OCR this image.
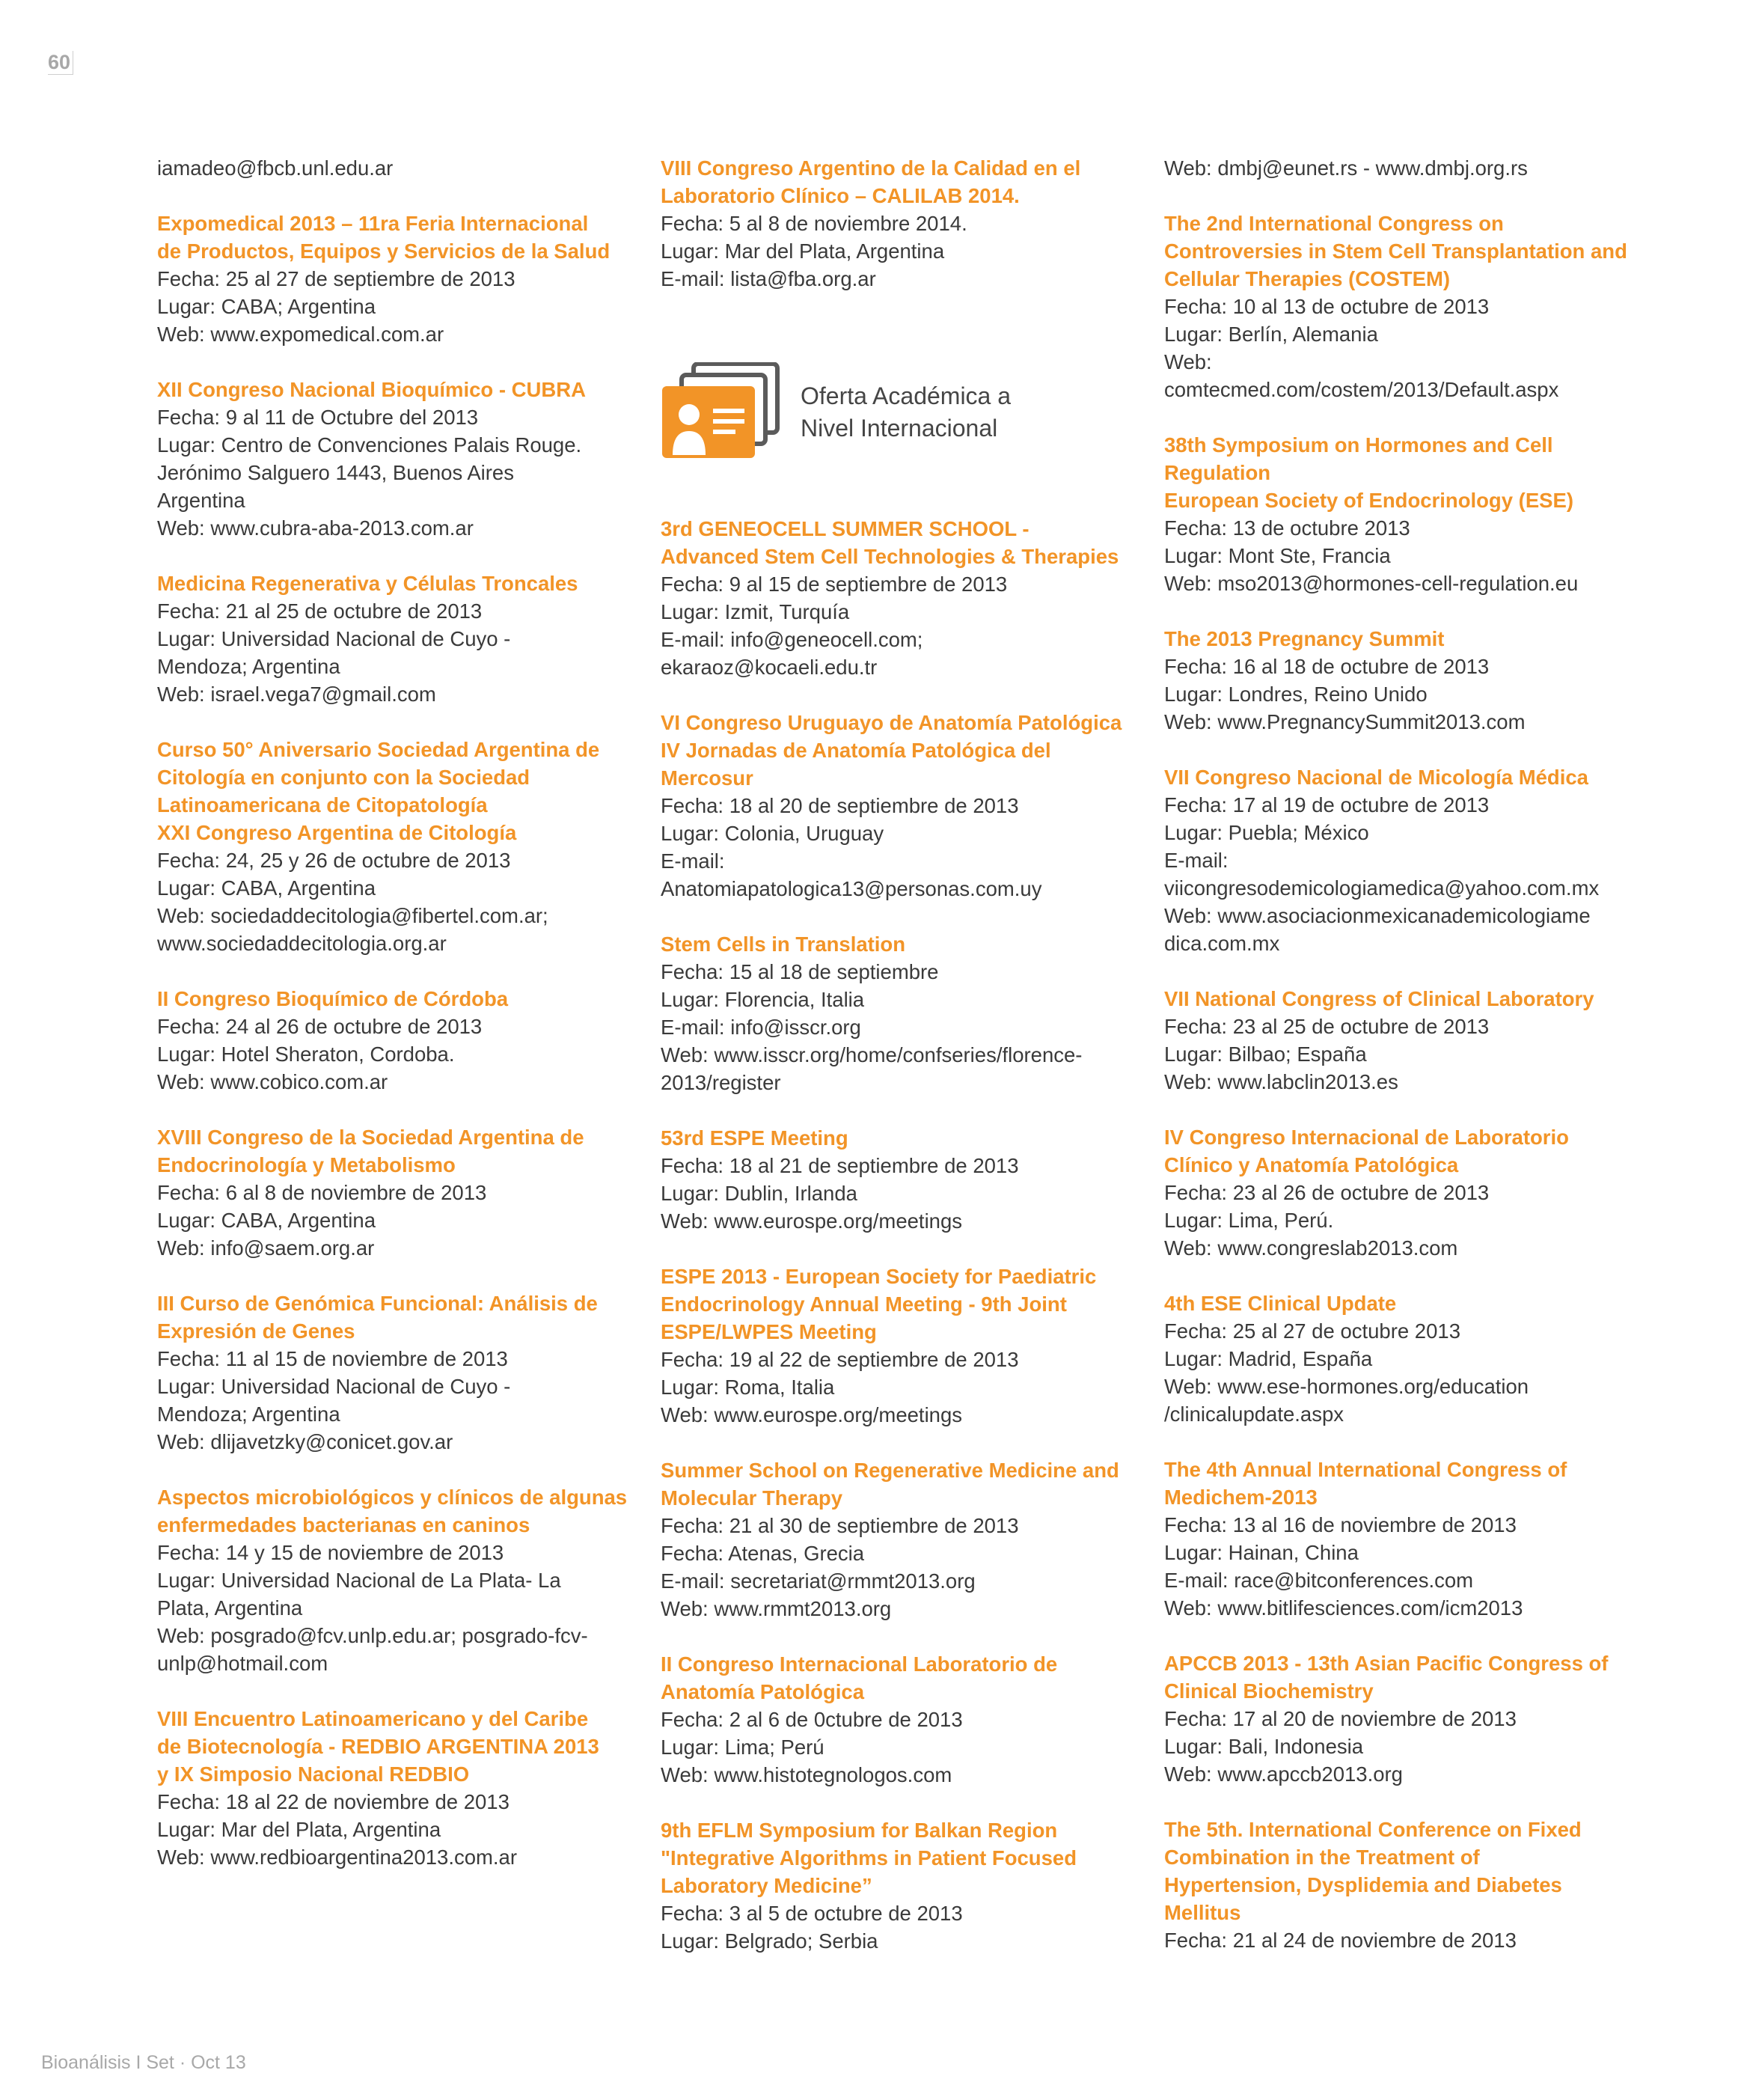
60
iamadeo@fbcb.unl.edu.ar
Expomedical 2013 – 11ra Feria Internacional
de Productos, Equipos y Servicios de la Salud
Fecha: 25 al 27 de septiembre de 2013
Lugar: CABA; Argentina
Web: www.expomedical.com.ar
XII Congreso Nacional Bioquímico - CUBRA
Fecha: 9 al 11 de Octubre del 2013
Lugar: Centro de Convenciones Palais Rouge.
Jerónimo Salguero 1443, Buenos Aires
Argentina
Web: www.cubra-aba-2013.com.ar
Medicina Regenerativa y Células Troncales
Fecha: 21 al 25 de octubre de 2013
Lugar: Universidad Nacional de Cuyo -
Mendoza; Argentina
Web: israel.vega7@gmail.com
Curso 50° Aniversario Sociedad Argentina de
Citología en conjunto con la Sociedad
Latinoamericana de Citopatología
XXI Congreso Argentina de Citología
Fecha: 24, 25 y 26 de octubre de 2013
Lugar: CABA, Argentina
Web: sociedaddecitologia@fibertel.com.ar;
www.sociedaddecitologia.org.ar
II Congreso Bioquímico de Córdoba
Fecha: 24 al 26 de octubre de 2013
Lugar: Hotel Sheraton, Cordoba.
Web: www.cobico.com.ar
XVIII Congreso de la Sociedad Argentina de
Endocrinología y Metabolismo
Fecha: 6 al 8 de noviembre de 2013
Lugar: CABA, Argentina
Web: info@saem.org.ar
III Curso de Genómica Funcional: Análisis de
Expresión de Genes
Fecha: 11 al 15 de noviembre de 2013
Lugar: Universidad Nacional de Cuyo -
Mendoza; Argentina
Web: dlijavetzky@conicet.gov.ar
Aspectos microbiológicos y clínicos de algunas
enfermedades bacterianas en caninos
Fecha: 14 y 15 de noviembre de 2013
Lugar: Universidad Nacional de La Plata- La
Plata, Argentina
Web: posgrado@fcv.unlp.edu.ar; posgrado-fcv-
unlp@hotmail.com
VIII Encuentro Latinoamericano y del Caribe
de Biotecnología - REDBIO ARGENTINA 2013
y IX Simposio Nacional REDBIO
Fecha: 18 al 22 de noviembre de 2013
Lugar: Mar del Plata, Argentina
Web: www.redbioargentina2013.com.ar
VIII Congreso Argentino de la Calidad en el
Laboratorio Clínico – CALILAB 2014.
Fecha: 5 al 8 de noviembre 2014.
Lugar: Mar del Plata, Argentina
E-mail: lista@fba.org.ar
Oferta Académica a
Nivel Internacional
3rd GENEOCELL SUMMER SCHOOL -
Advanced Stem Cell Technologies & Therapies
Fecha: 9 al 15 de septiembre de 2013
Lugar: Izmit, Turquía
E-mail: info@geneocell.com;
ekaraoz@kocaeli.edu.tr
VI Congreso Uruguayo de Anatomía Patológica
IV Jornadas de Anatomía Patológica del
Mercosur
Fecha: 18 al 20 de septiembre de 2013
Lugar: Colonia, Uruguay
E-mail:
Anatomiapatologica13@personas.com.uy
Stem Cells in Translation
Fecha: 15 al 18 de septiembre
Lugar: Florencia, Italia
E-mail: info@isscr.org
Web: www.isscr.org/home/confseries/florence-
2013/register
53rd ESPE Meeting
Fecha: 18 al 21 de septiembre de 2013
Lugar: Dublin, Irlanda
Web: www.eurospe.org/meetings
ESPE 2013 - European Society for Paediatric
Endocrinology Annual Meeting - 9th Joint
ESPE/LWPES Meeting
Fecha: 19 al 22 de septiembre de 2013
Lugar: Roma, Italia
Web: www.eurospe.org/meetings
Summer School on Regenerative Medicine and
Molecular Therapy
Fecha: 21 al 30 de septiembre de 2013
Fecha: Atenas, Grecia
E-mail: secretariat@rmmt2013.org
Web: www.rmmt2013.org
II Congreso Internacional Laboratorio de
Anatomía Patológica
Fecha: 2 al 6 de 0ctubre de 2013
Lugar: Lima; Perú
Web: www.histotegnologos.com
9th EFLM Symposium for Balkan Region
"Integrative Algorithms in Patient Focused
Laboratory Medicine”
Fecha: 3 al 5 de octubre de 2013
Lugar: Belgrado; Serbia
Web: dmbj@eunet.rs - www.dmbj.org.rs
The 2nd International Congress on
Controversies in Stem Cell Transplantation and
Cellular Therapies (COSTEM)
Fecha: 10 al 13 de octubre de 2013
Lugar: Berlín, Alemania
Web:
comtecmed.com/costem/2013/Default.aspx
38th Symposium on Hormones and Cell
Regulation
European Society of Endocrinology (ESE)
Fecha: 13 de octubre 2013
Lugar: Mont Ste, Francia
Web: mso2013@hormones-cell-regulation.eu
The 2013 Pregnancy Summit
Fecha: 16 al 18 de octubre de 2013
Lugar: Londres, Reino Unido
Web: www.PregnancySummit2013.com
VII Congreso Nacional de Micología Médica
Fecha: 17 al 19 de octubre de 2013
Lugar: Puebla; México
E-mail:
viicongresodemicologiamedica@yahoo.com.mx
Web: www.asociacionmexicanademicologiame
dica.com.mx
VII National Congress of Clinical Laboratory
Fecha: 23 al 25 de octubre de 2013
Lugar: Bilbao; España
Web: www.labclin2013.es
IV Congreso Internacional de Laboratorio
Clínico y Anatomía Patológica
Fecha: 23 al 26 de octubre de 2013
Lugar: Lima, Perú.
Web: www.congreslab2013.com
4th ESE Clinical Update
Fecha: 25 al 27 de octubre 2013
Lugar: Madrid, España
Web: www.ese-hormones.org/education
/clinicalupdate.aspx
The 4th Annual International Congress of
Medichem-2013
Fecha: 13 al 16 de noviembre de 2013
Lugar: Hainan, China
E-mail: race@bitconferences.com
Web: www.bitlifesciences.com/icm2013
APCCB 2013 - 13th Asian Pacific Congress of
Clinical Biochemistry
Fecha: 17 al 20 de noviembre de 2013
Lugar: Bali, Indonesia
Web: www.apccb2013.org
The 5th. International Conference on Fixed
Combination in the Treatment of
Hypertension, Dysplidemia and Diabetes
Mellitus
Fecha: 21 al 24 de noviembre de 2013
Bioanálisis I Set · Oct 13
